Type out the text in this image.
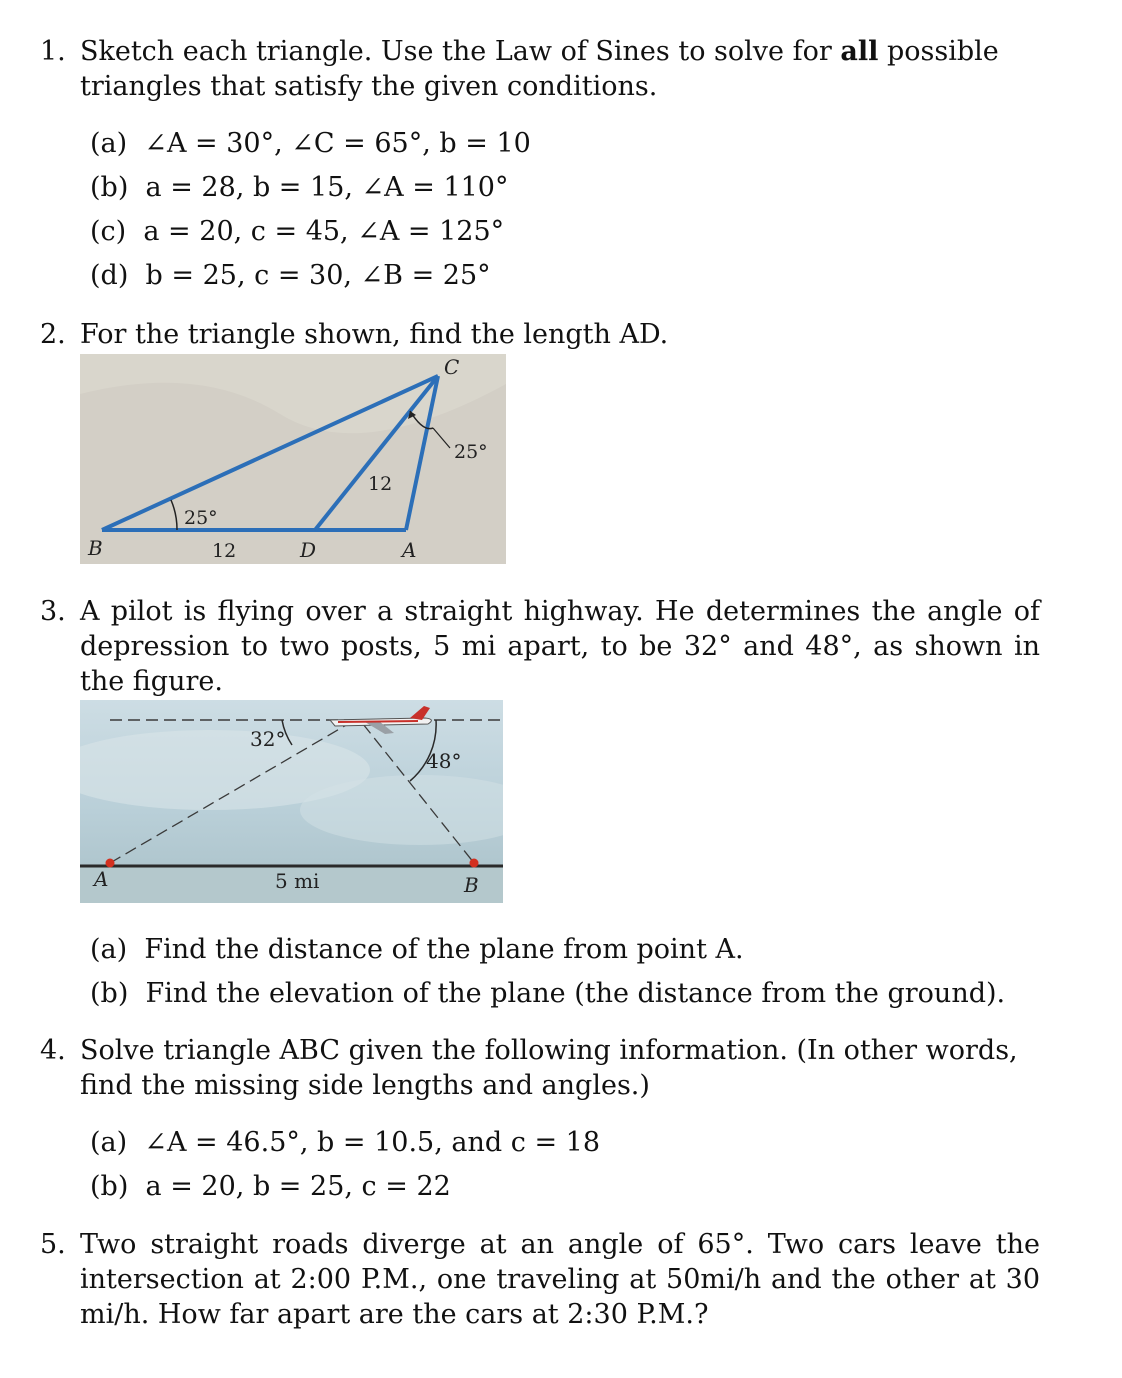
1. Sketch each triangle. Use the Law of Sines to solve for all possible triangles that satisfy the given conditions.
(a) ∠A = 30°, ∠C = 65°, b = 10
(b) a = 28, b = 15, ∠A = 110°
(c) a = 20, c = 45, ∠A = 125°
(d) b = 25, c = 30, ∠B = 25°
2. For the triangle shown, find the length AD.
B	D	A
C
25°
25°
12
12
3. A pilot is flying over a straight highway. He determines the angle of depression to two posts, 5 mi apart, to be 32° and 48°, as shown in the figure.
32°
48°
5 mi
A	B
(a) Find the distance of the plane from point A.
(b) Find the elevation of the plane (the distance from the ground).
4. Solve triangle ABC given the following information. (In other words, find the missing side lengths and angles.)
(a) ∠A = 46.5°, b = 10.5, and c = 18
(b) a = 20, b = 25, c = 22
5. Two straight roads diverge at an angle of 65°. Two cars leave the intersection at 2:00 P.M., one traveling at 50mi/h and the other at 30 mi/h. How far apart are the cars at 2:30 P.M.?
